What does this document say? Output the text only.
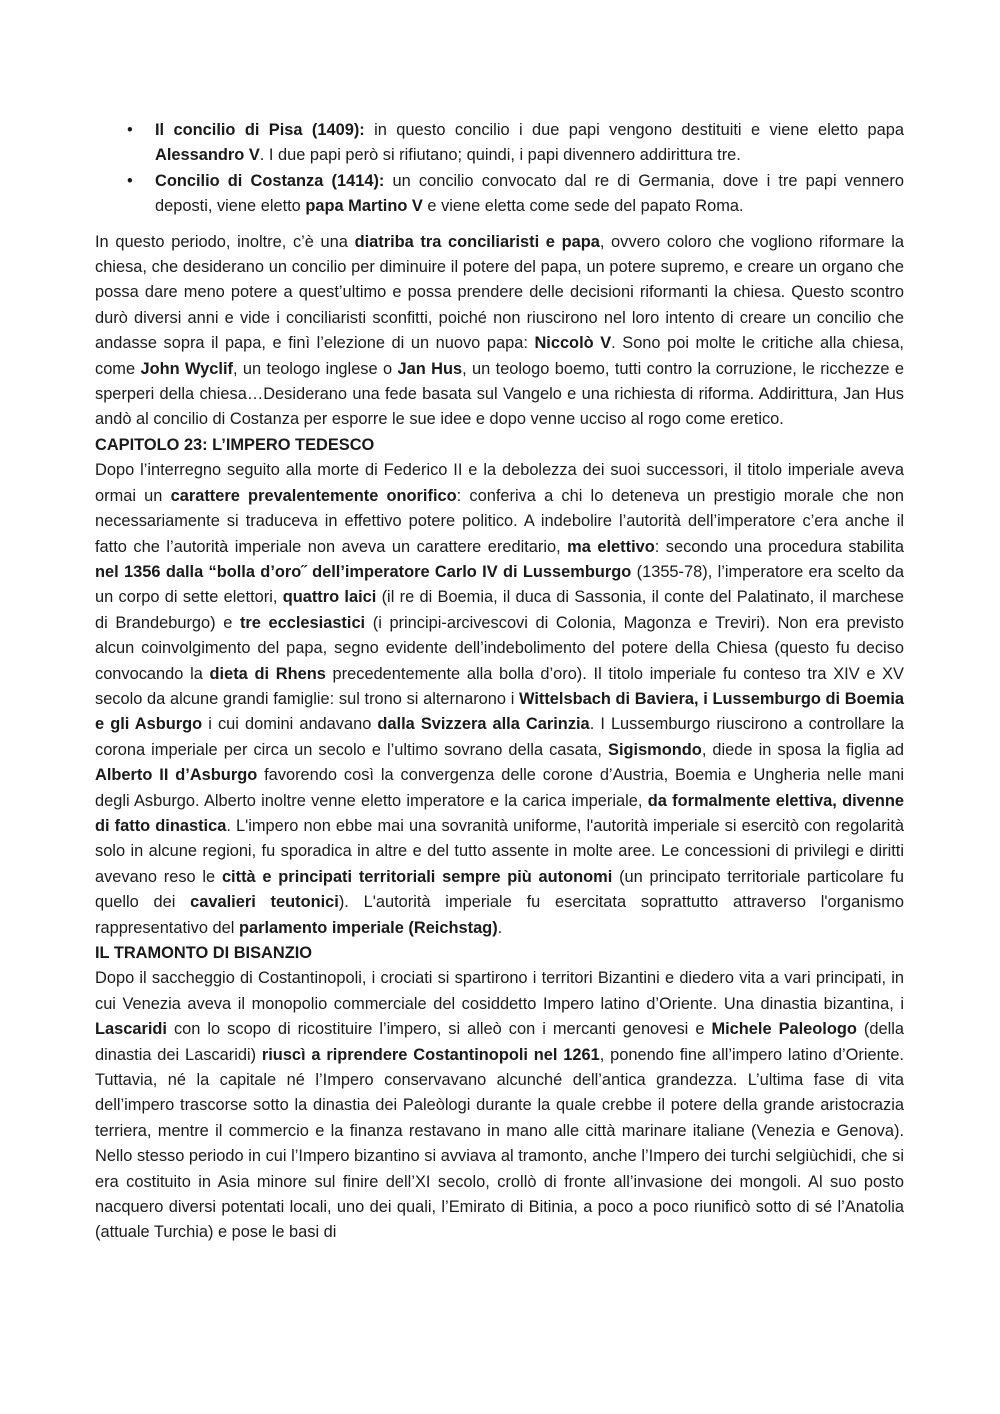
• Il concilio di Pisa (1409): in questo concilio i due papi vengono destituiti e viene eletto papa Alessandro V. I due papi però si rifiutano; quindi, i papi divennero addirittura tre.
• Concilio di Costanza (1414): un concilio convocato dal re di Germania, dove i tre papi vennero deposti, viene eletto papa Martino V e viene eletta come sede del papato Roma.

In questo periodo, inoltre, c’è una diatriba tra conciliaristi e papa, ovvero coloro che vogliono riformare la chiesa, che desiderano un concilio per diminuire il potere del papa, un potere supremo, e creare un organo che possa dare meno potere a quest’ultimo e possa prendere delle decisioni riformanti la chiesa. Questo scontro durò diversi anni e vide i conciliaristi sconfitti, poiché non riuscirono nel loro intento di creare un concilio che andasse sopra il papa, e finì l’elezione di un nuovo papa: Niccolò V. Sono poi molte le critiche alla chiesa, come John Wyclif, un teologo inglese o Jan Hus, un teologo boemo, tutti contro la corruzione, le ricchezze e sperperi della chiesa…Desiderano una fede basata sul Vangelo e una richiesta di riforma. Addirittura, Jan Hus andò al concilio di Costanza per esporre le sue idee e dopo venne ucciso al rogo come eretico.

CAPITOLO 23: L’IMPERO TEDESCO

Dopo l’interregno seguito alla morte di Federico II e la debolezza dei suoi successori, il titolo imperiale aveva ormai un carattere prevalentemente onorifico: conferiva a chi lo deteneva un prestigio morale che non necessariamente si traduceva in effettivo potere politico. A indebolire l’autorità dell’imperatore c’era anche il fatto che l’autorità imperiale non aveva un carattere ereditario, ma elettivo: secondo una procedura stabilita nel 1356 dalla “bolla d’oro˝ dell’imperatore Carlo IV di Lussemburgo (1355-78), l’imperatore era scelto da un corpo di sette elettori, quattro laici (il re di Boemia, il duca di Sassonia, il conte del Palatinato, il marchese di Brandeburgo) e tre ecclesiastici (i principi-arcivescovi di Colonia, Magonza e Treviri). Non era previsto alcun coinvolgimento del papa, segno evidente dell’indebolimento del potere della Chiesa (questo fu deciso convocando la dieta di Rhens precedentemente alla bolla d’oro). Il titolo imperiale fu conteso tra XIV e XV secolo da alcune grandi famiglie: sul trono si alternarono i Wittelsbach di Baviera, i Lussemburgo di Boemia e gli Asburgo i cui domini andavano dalla Svizzera alla Carinzia. I Lussemburgo riuscirono a controllare la corona imperiale per circa un secolo e l’ultimo sovrano della casata, Sigismondo, diede in sposa la figlia ad Alberto II d’Asburgo favorendo così la convergenza delle corone d’Austria, Boemia e Ungheria nelle mani degli Asburgo. Alberto inoltre venne eletto imperatore e la carica imperiale, da formalmente elettiva, divenne di fatto dinastica. L'impero non ebbe mai una sovranità uniforme, l'autorità imperiale si esercitò con regolarità solo in alcune regioni, fu sporadica in altre e del tutto assente in molte aree. Le concessioni di privilegi e diritti avevano reso le città e principati territoriali sempre più autonomi (un principato territoriale particolare fu quello dei cavalieri teutonici). L'autorità imperiale fu esercitata soprattutto attraverso l'organismo rappresentativo del parlamento imperiale (Reichstag).

IL TRAMONTO DI BISANZIO

Dopo il saccheggio di Costantinopoli, i crociati si spartirono i territori Bizantini e diedero vita a vari principati, in cui Venezia aveva il monopolio commerciale del cosiddetto Impero latino d’Oriente. Una dinastia bizantina, i Lascaridi con lo scopo di ricostituire l’impero, si alleò con i mercanti genovesi e Michele Paleologo (della dinastia dei Lascaridi) riuscì a riprendere Costantinopoli nel 1261, ponendo fine all’impero latino d’Oriente. Tuttavia, né la capitale né l’Impero conservavano alcunché dell’antica grandezza. L’ultima fase di vita dell’impero trascorse sotto la dinastia dei Paleòlogi durante la quale crebbe il potere della grande aristocrazia terriera, mentre il commercio e la finanza restavano in mano alle città marinare italiane (Venezia e Genova). Nello stesso periodo in cui l’Impero bizantino si avviava al tramonto, anche l’Impero dei turchi selgiùchidi, che si era costituito in Asia minore sul finire dell’XI secolo, crollò di fronte all’invasione dei mongoli. Al suo posto nacquero diversi potentati locali, uno dei quali, l’Emirato di Bitinia, a poco a poco riunificò sotto di sé l’Anatolia (attuale Turchia) e pose le basi di
